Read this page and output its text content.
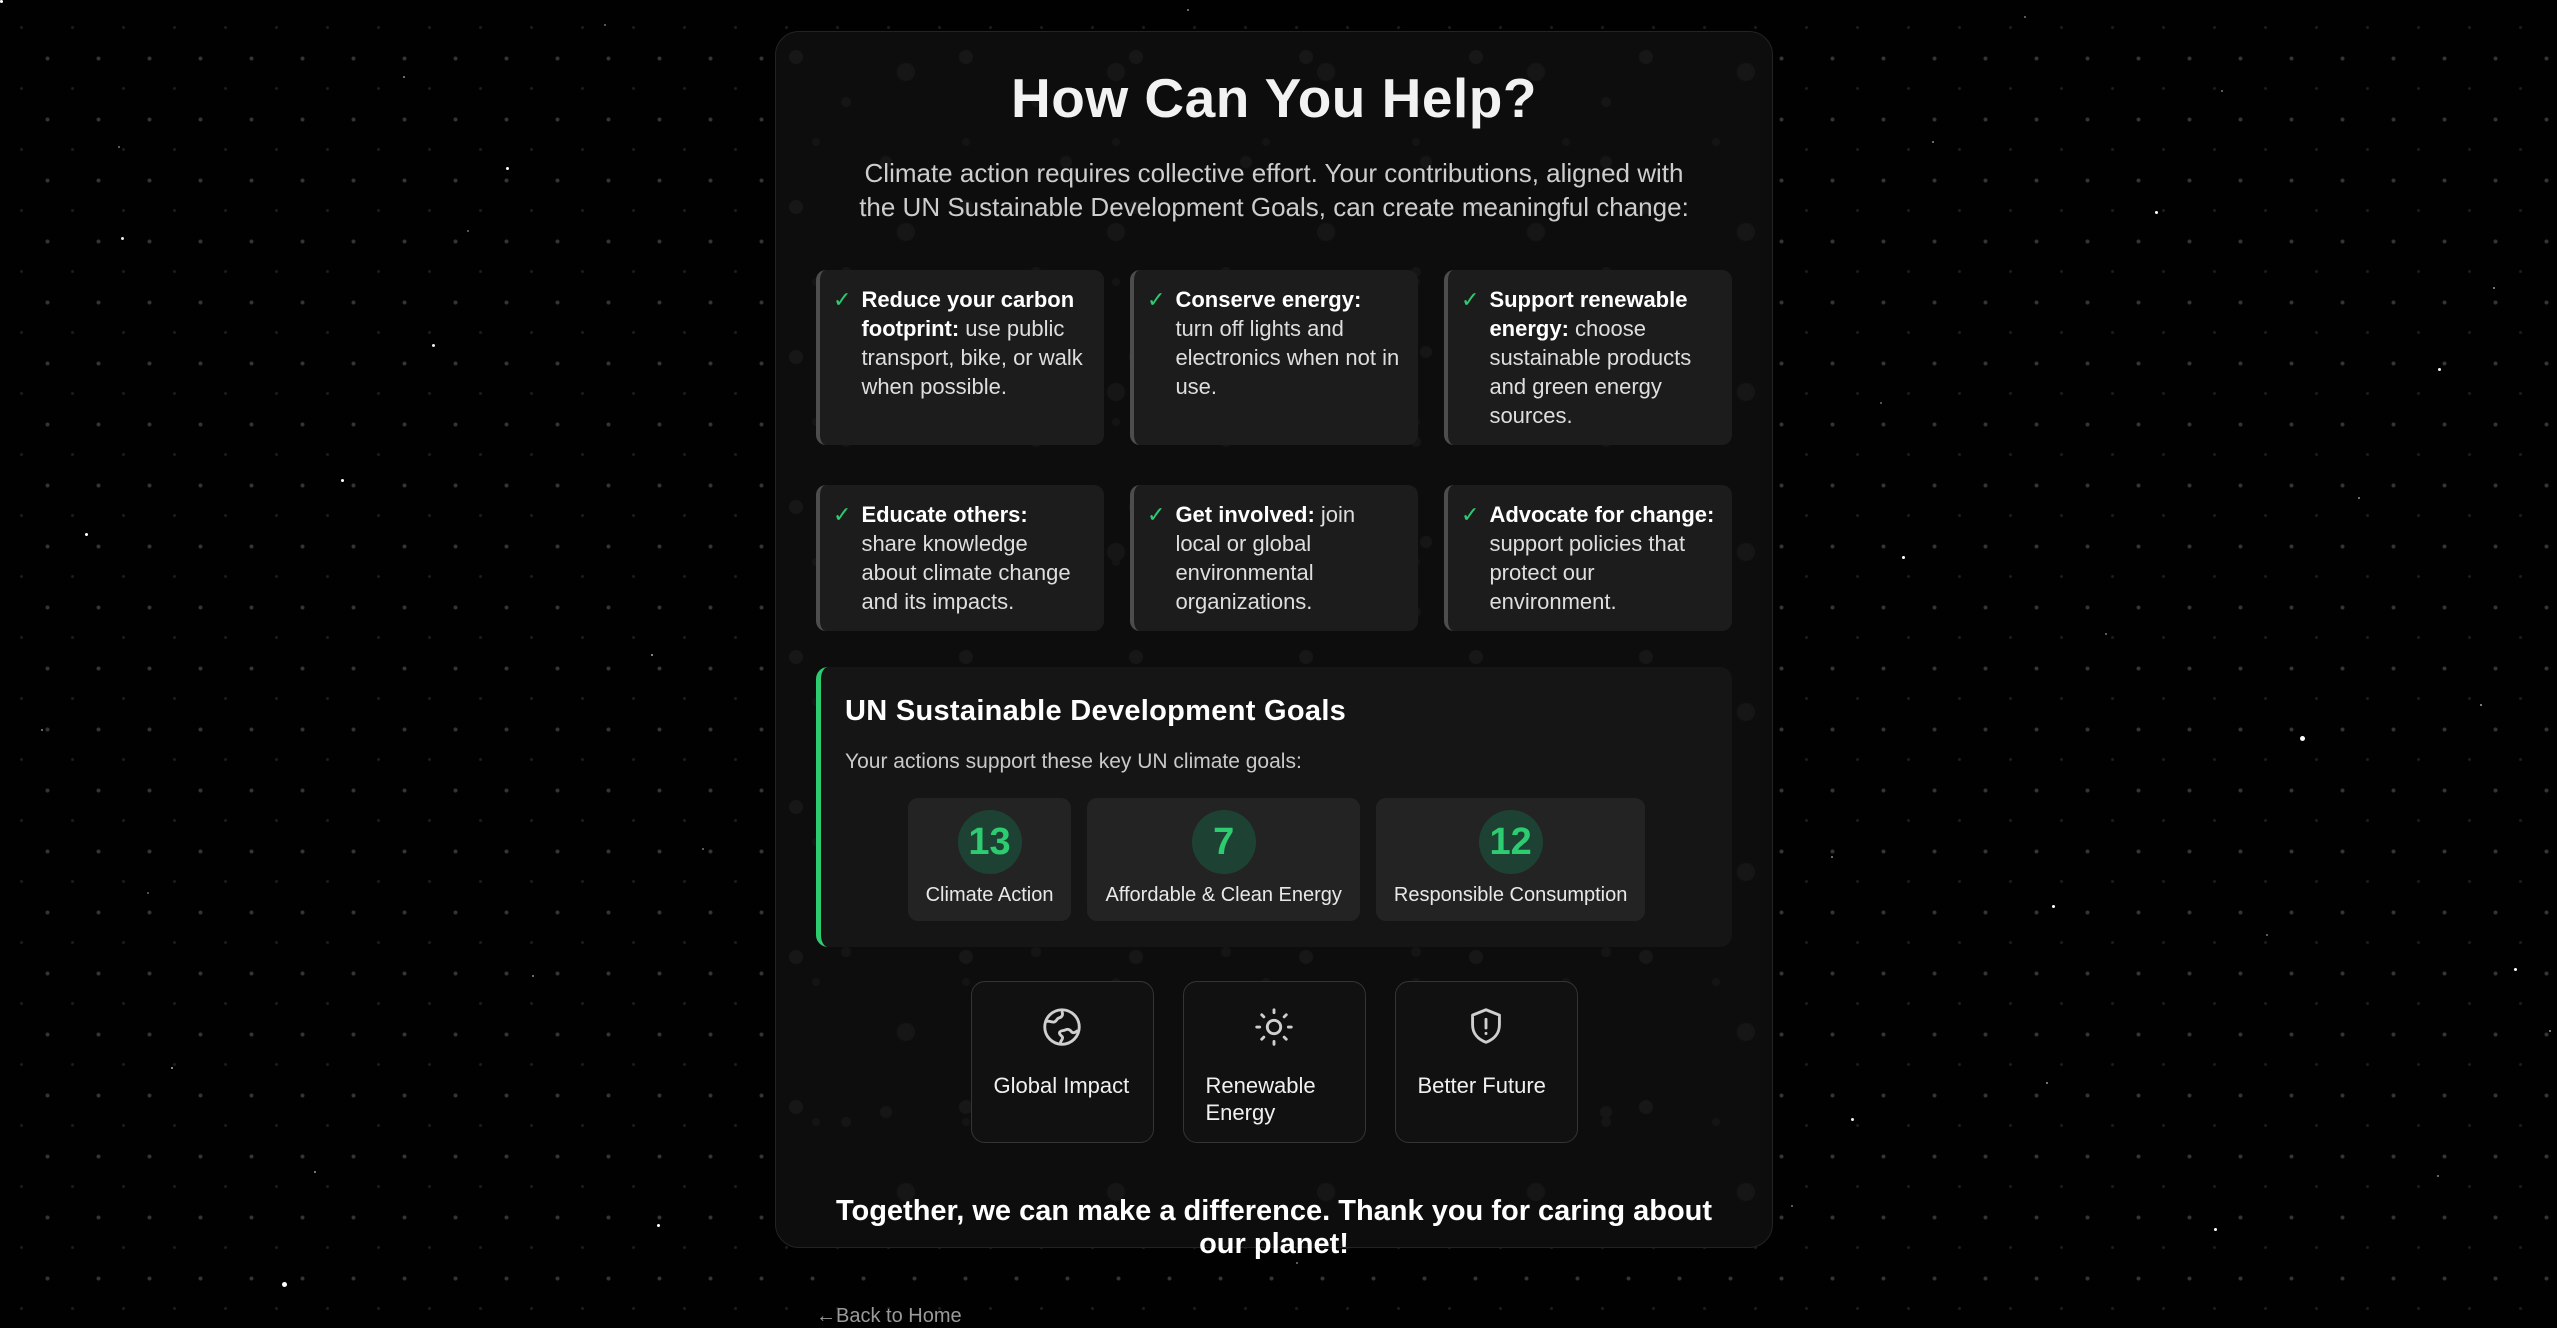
How Can You Help?
Climate action requires collective effort. Your contributions, aligned with
the UN Sustainable Development Goals, can create meaningful change:
✓ Reduce your carbon footprint: use public transport, bike, or walk when possible.
✓ Conserve energy: turn off lights and electronics when not in use.
✓ Support renewable energy: choose sustainable products and green energy sources.
✓ Educate others: share knowledge about climate change and its impacts.
✓ Get involved: join local or global environmental organizations.
✓ Advocate for change: support policies that protect our environment.
UN Sustainable Development Goals
Your actions support these key UN climate goals:
13
Climate Action
7
Affordable & Clean Energy
12
Responsible Consumption
Global Impact	Renewable Energy
Better Future
Together, we can make a difference. Thank you for caring about our planet!
← Back to Home
